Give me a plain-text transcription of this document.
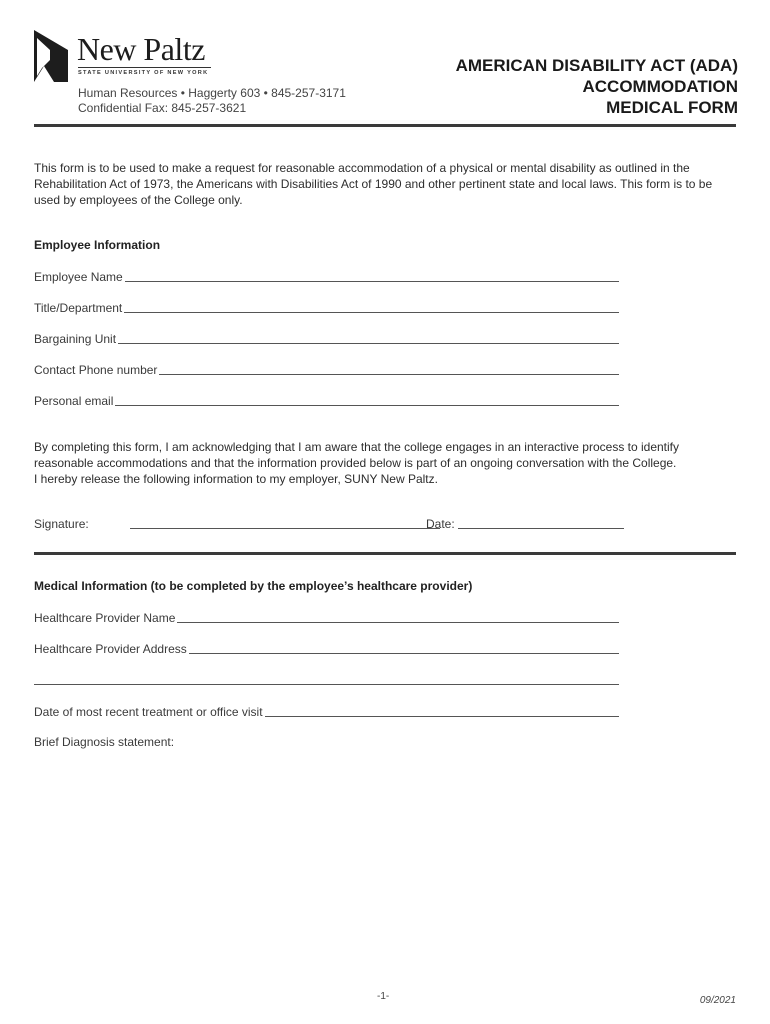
New Paltz
STATE UNIVERSITY OF NEW YORK
Human Resources • Haggerty 603 • 845-257-3171
Confidential Fax: 845-257-3621
AMERICAN DISABILITY ACT (ADA)
ACCOMMODATION
MEDICAL FORM
This form is to be used to make a request for reasonable accommodation of a physical or mental disability as outlined in the Rehabilitation Act of 1973, the Americans with Disabilities Act of 1990 and other pertinent state and local laws. This form is to be used by employees of the College only.
Employee Information
Employee Name
Title/Department
Bargaining Unit
Contact Phone number
Personal email
By completing this form, I am acknowledging that I am aware that the college engages in an interactive process to identify
reasonable accommodations and that the information provided below is part of an ongoing conversation with the College.
I hereby release the following information to my employer, SUNY New Paltz.
Signature:	Date:
Medical Information (to be completed by the employee’s healthcare provider)
Healthcare Provider Name
Healthcare Provider Address
Date of most recent treatment or office visit
Brief Diagnosis statement:
-1-	09/2021
